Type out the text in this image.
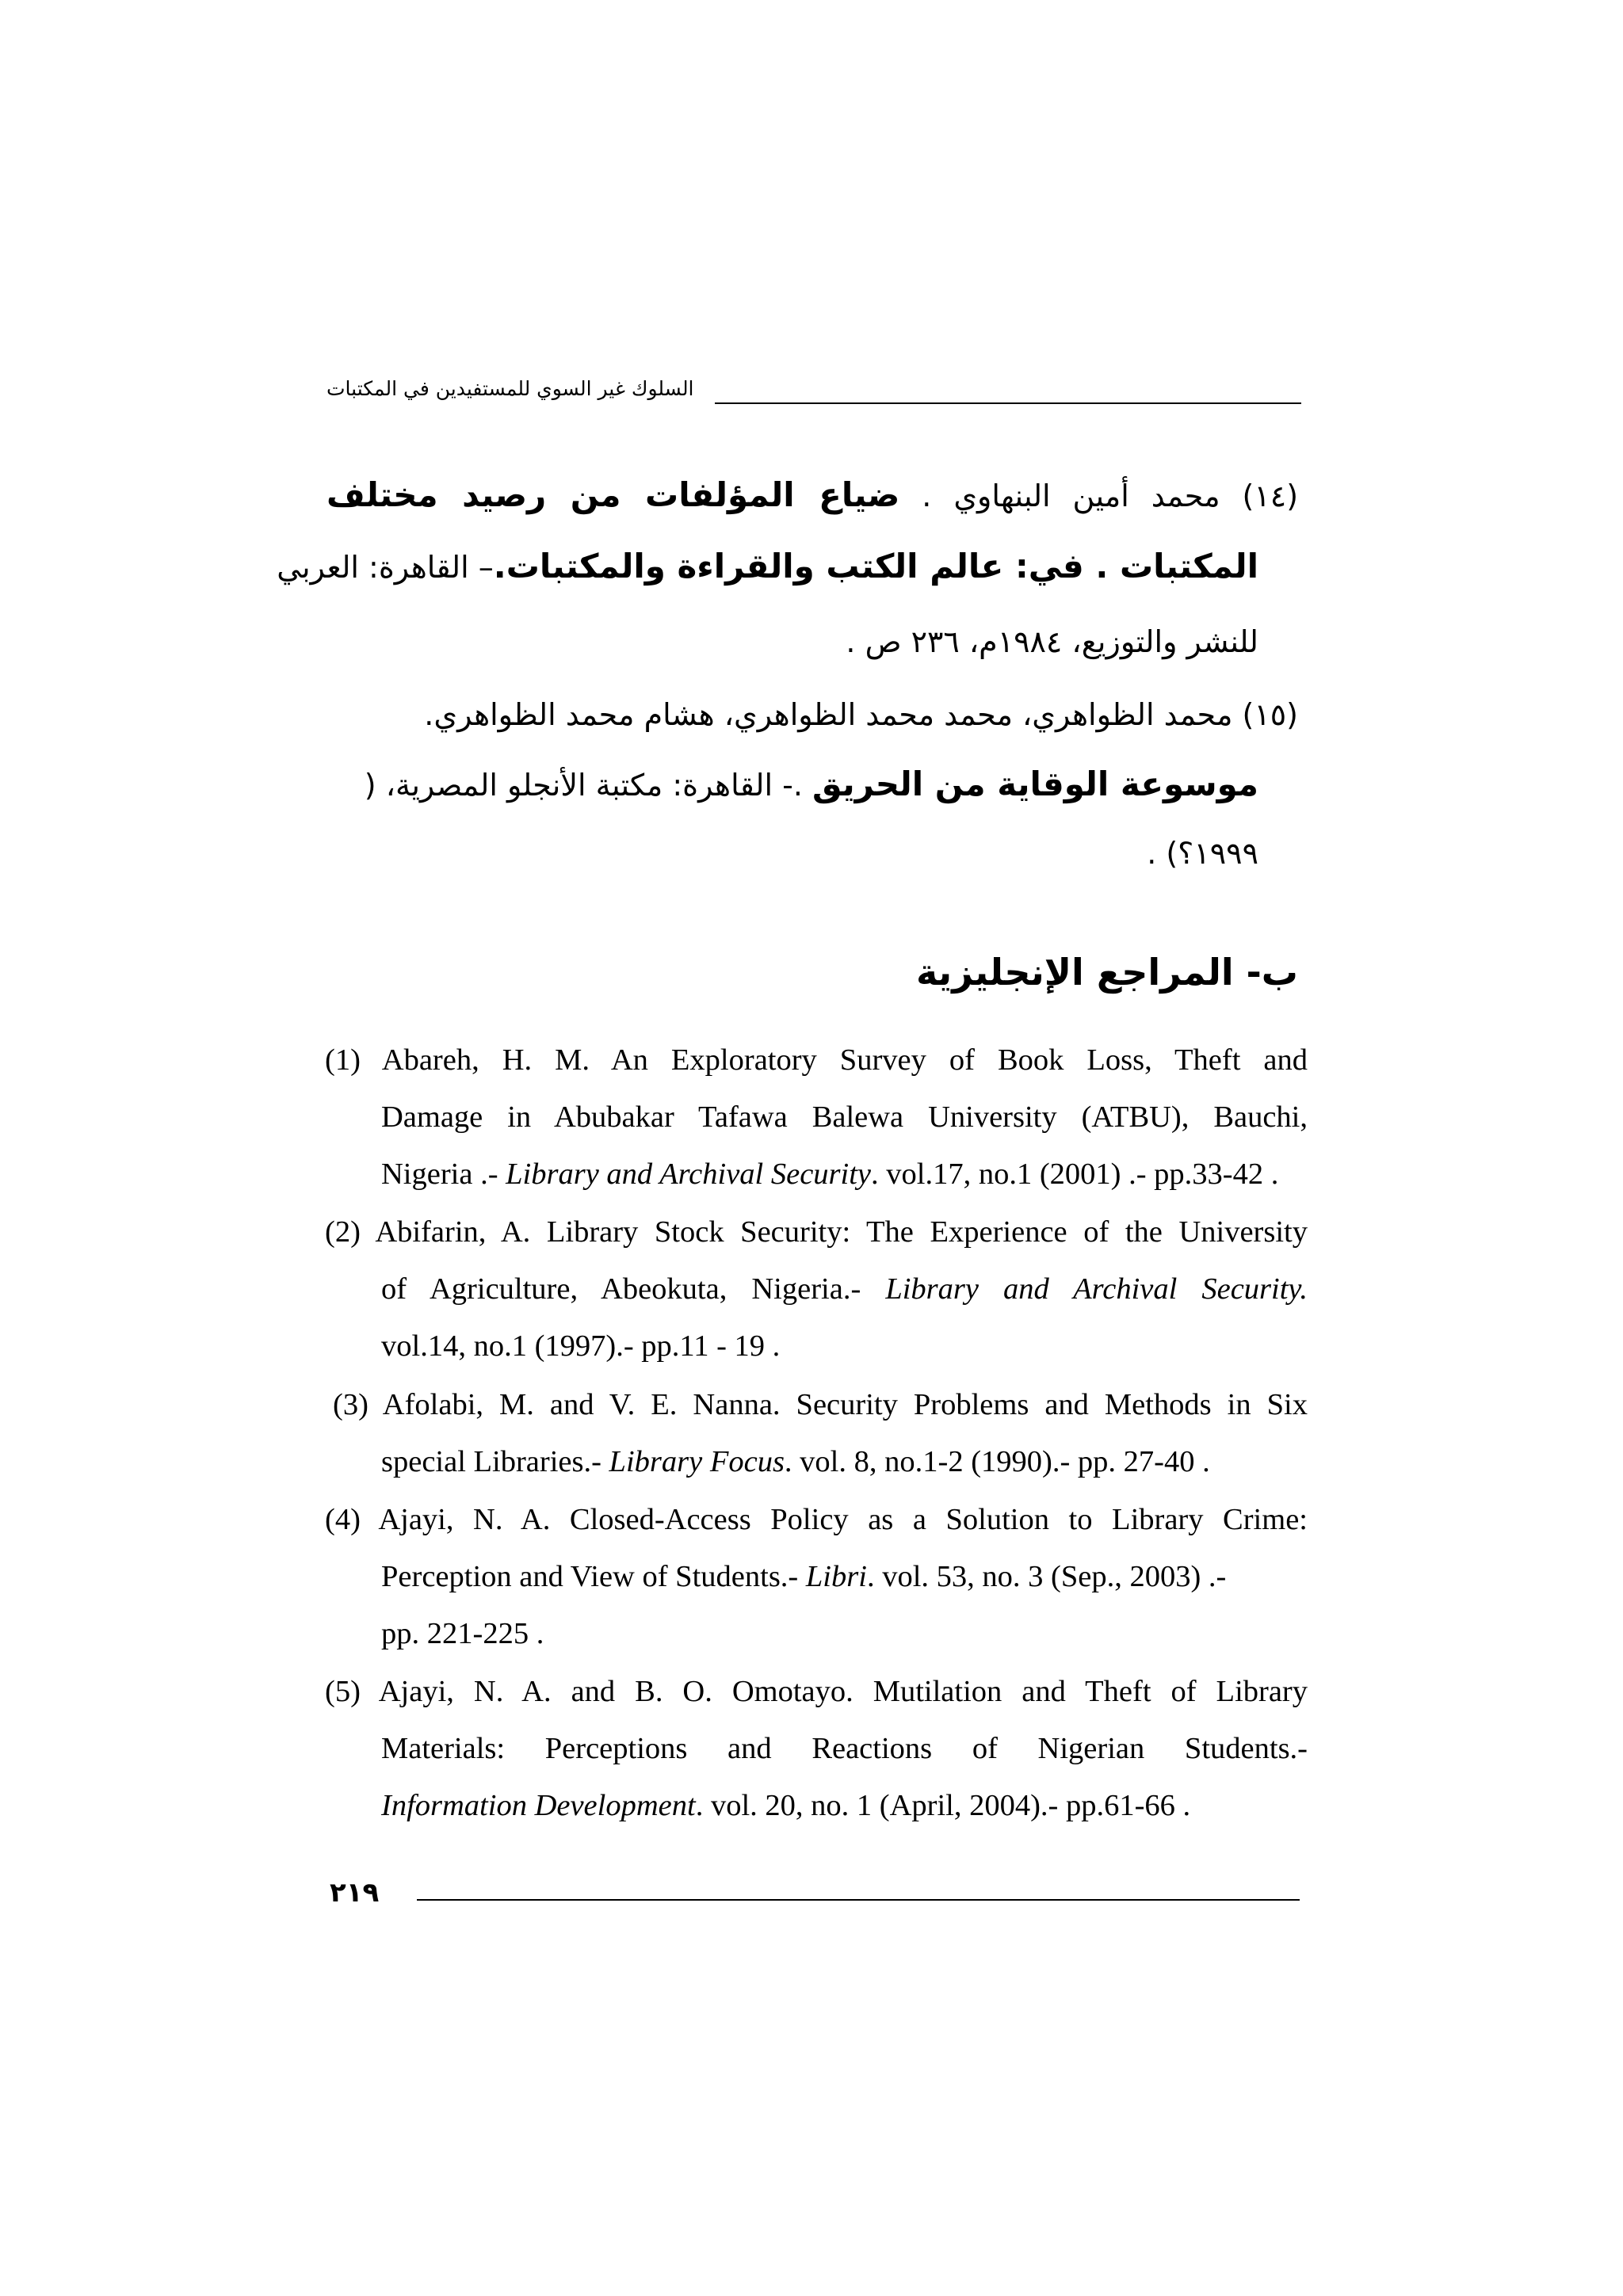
السلوك غير السوي للمستفيدين في المكتبات
(١٤) محمد أمين البنهاوي . ضياع المؤلفات من رصيد مختلف
المكتبات . في: عالم الكتب والقراءة والمكتبات.– القاهرة: العربي
للنشر والتوزيع، ١٩٨٤م، ٢٣٦ ص .
(١٥) محمد الظواهري، محمد محمد الظواهري، هشام محمد الظواهري.
موسوعة الوقاية من الحريق .- القاهرة: مكتبة الأنجلو المصرية، (
١٩٩٩؟) .
ب- المراجع الإنجليزية
(1) Abareh, H. M. An Exploratory Survey of Book Loss, Theft and
Damage in Abubakar Tafawa Balewa University (ATBU), Bauchi,
Nigeria .- Library and Archival Security. vol.17, no.1 (2001) .- pp.33-42 .
(2) Abifarin, A. Library Stock Security: The Experience of the University
of Agriculture, Abeokuta, Nigeria.- Library and Archival Security.
vol.14, no.1 (1997).- pp.11 - 19 .
(3) Afolabi, M. and V. E. Nanna. Security Problems and Methods in Six
special Libraries.- Library Focus. vol. 8, no.1-2 (1990).- pp. 27-40 .
(4) Ajayi, N. A. Closed-Access Policy as a Solution to Library Crime:
Perception and View of Students.- Libri. vol. 53, no. 3 (Sep., 2003) .-
pp. 221-225 .
(5) Ajayi, N. A. and B. O. Omotayo. Mutilation and Theft of Library
Materials: Perceptions and Reactions of Nigerian Students.-
Information Development. vol. 20, no. 1 (April, 2004).- pp.61-66 .
٢١٩
